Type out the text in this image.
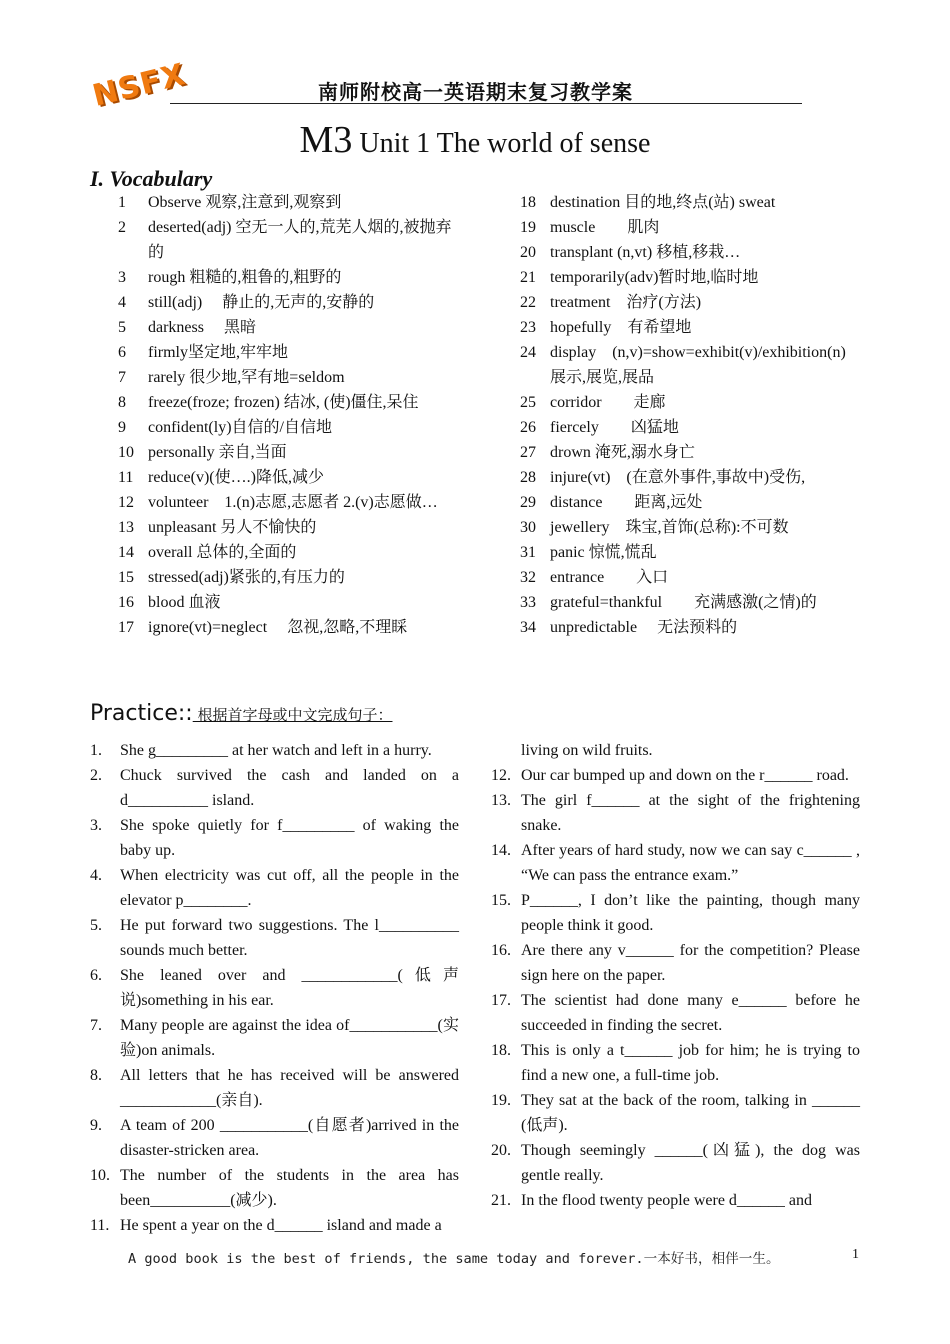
NSFX	南师附校高一英语期末复习教学案
M3 Unit 1 The world of sense
I. Vocabulary
1	Observe 观察,注意到,观察到
2	deserted(adj) 空无一人的,荒芜人烟的,被抛弃的
3	rough 粗糙的,粗鲁的,粗野的
4	still(adj)　 静止的,无声的,安静的
5	darkness　 黑暗
6	firmly坚定地,牢牢地
7	rarely 很少地,罕有地=seldom
8	freeze(froze; frozen) 结冰, (使)僵住,呆住
9	confident(ly)自信的/自信地
10 personally 亲自,当面
11 reduce(v)(使….)降低,减少
12 volunteer　1.(n)志愿,志愿者 2.(v)志愿做…
13 unpleasant 另人不愉快的
14 overall 总体的,全面的
15 stressed(adj)紧张的,有压力的
16 blood 血液
17 ignore(vt)=neglect　 忽视,忽略,不理睬
18 destination 目的地,终点(站) sweat
19 muscle　　肌肉
20 transplant (n,vt) 移植,移栽…
21 temporarily(adv)暂时地,临时地
22 treatment　治疗(方法)
23 hopefully　有希望地
24 display　(n,v)=show=exhibit(v)/exhibition(n)　展示,展览,展品
25 corridor　　走廊
26 fiercely　　凶猛地
27 drown 淹死,溺水身亡
28 injure(vt)　(在意外事件,事故中)受伤,
29 distance　　距离,远处
30 jewellery　珠宝,首饰(总称):不可数
31 panic 惊慌,慌乱
32 entrance　　入口
33 grateful=thankful　　充满感激(之情)的
34 unpredictable　 无法预料的
Practice:: 根据首字母或中文完成句子：
1.	She g_________ at her watch and left in a hurry.
2.	Chuck survived the cash and landed on a d__________ island.
3.	She spoke quietly for f_________ of waking the baby up.
4.	When electricity was cut off, all the people in the elevator p________.
5.	He put forward two suggestions. The l__________ sounds much better.
6.	She leaned over and ____________(低声说)something in his ear.
7.	Many people are against the idea of___________(实验)on animals.
8.	All letters that he has received will be answered ____________(亲自).
9.	A team of 200 ___________(自愿者)arrived in the disaster-stricken area.
10. The number of the students in the area has been__________(减少).
11. He spent a year on the d______ island and made a
living on wild fruits.
12. Our car bumped up and down on the r______ road.
13. The girl f______ at the sight of the frightening snake.
14. After years of hard study, now we can say c______ , “We can pass the entrance exam.”
15. P______, I don’t like the painting, though many people think it good.
16. Are there any v______ for the competition? Please sign here on the paper.
17. The scientist had done many e______ before he succeeded in finding the secret.
18. This is only a t______ job for him; he is trying to find a new one, a full-time job.
19. They sat at the back of the room, talking in ______ (低声).
20. Though seemingly ______(凶猛), the dog was gentle really.
21. In the flood twenty people were d______ and
A good book is the best of friends, the same today and forever.一本好书，相伴一生。	1
